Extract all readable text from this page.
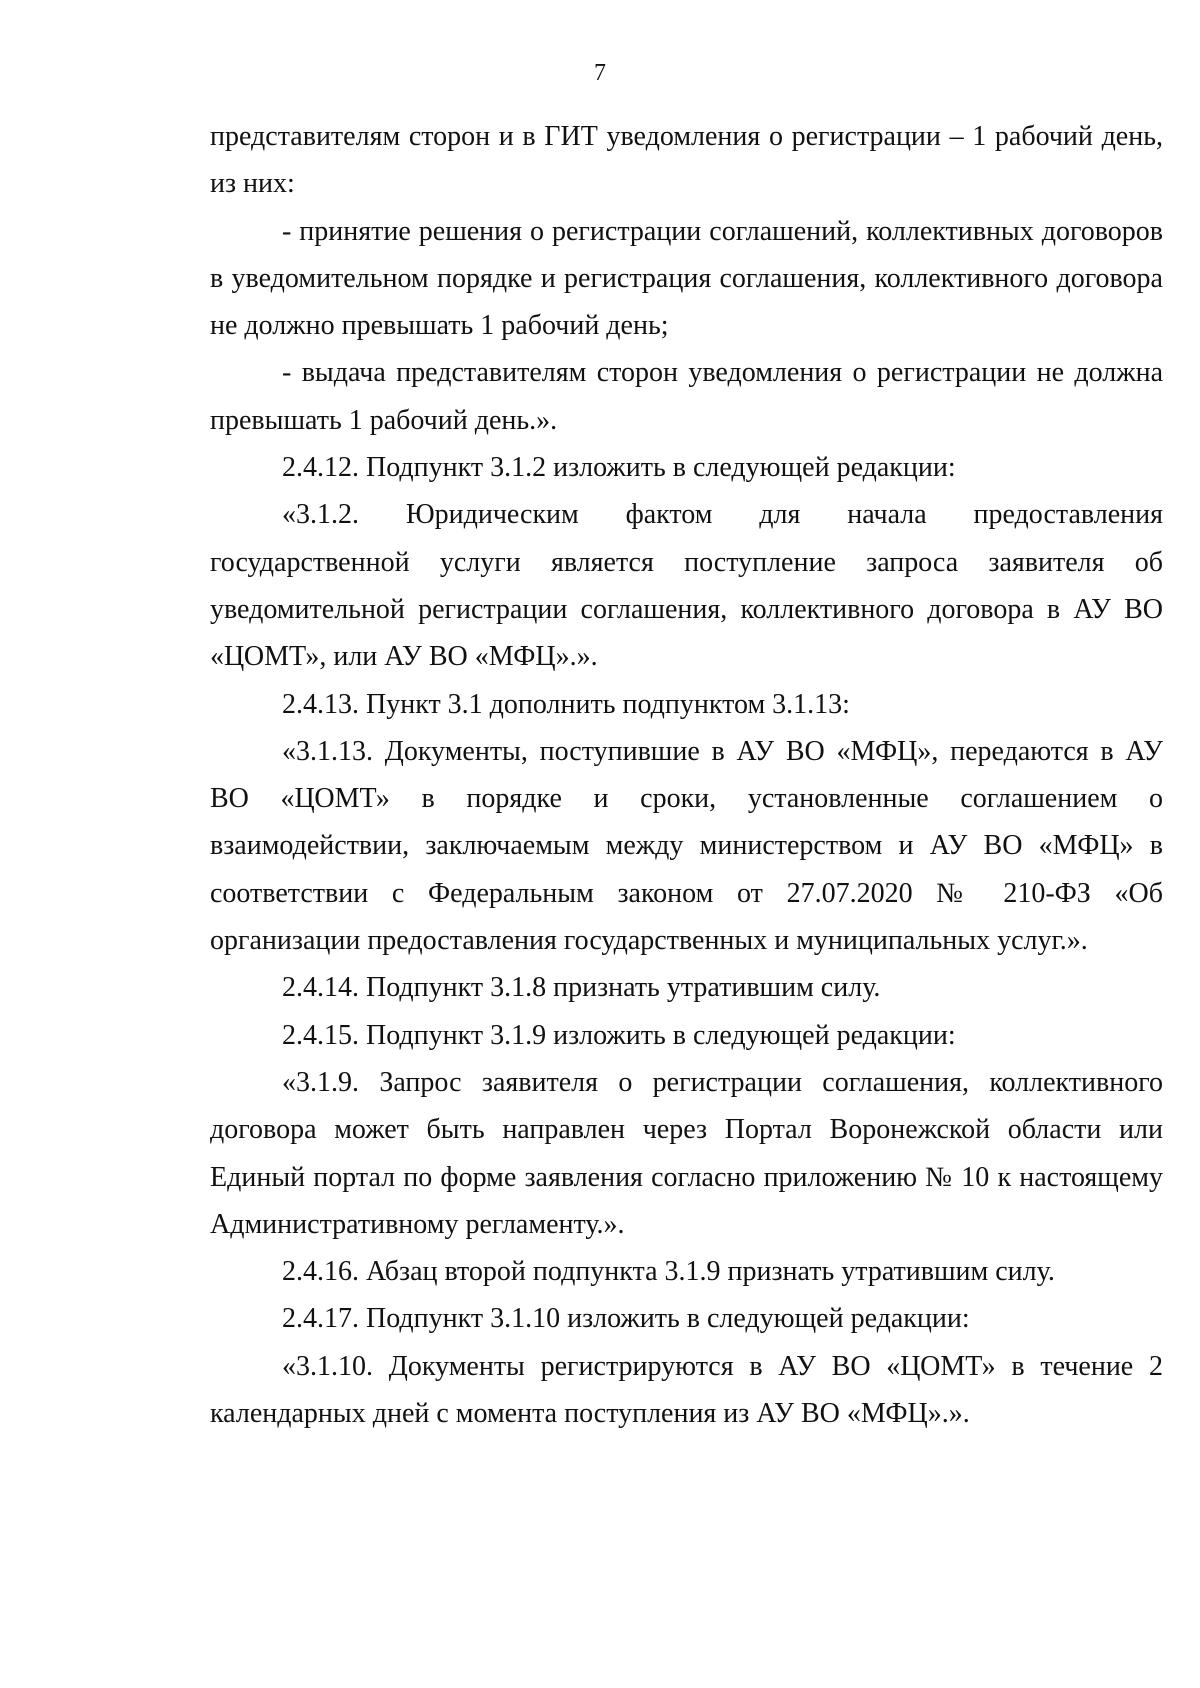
7

представителям сторон и в ГИТ уведомления о регистрации – 1 рабочий день, из них:

- принятие решения о регистрации соглашений, коллективных договоров в уведомительном порядке и регистрация соглашения, коллективного договора не должно превышать 1 рабочий день;

- выдача представителям сторон уведомления о регистрации не должна превышать 1 рабочий день.».

2.4.12. Подпункт 3.1.2 изложить в следующей редакции:

«3.1.2. Юридическим фактом для начала предоставления государственной услуги является поступление запроса заявителя об уведомительной регистрации соглашения, коллективного договора в АУ ВО «ЦОМТ», или АУ ВО «МФЦ».».

2.4.13. Пункт 3.1 дополнить подпунктом 3.1.13:

«3.1.13. Документы, поступившие в АУ ВО «МФЦ», передаются в АУ ВО «ЦОМТ» в порядке и сроки, установленные соглашением о взаимодействии, заключаемым между министерством и АУ ВО «МФЦ» в соответствии с Федеральным законом от 27.07.2020 № 210-ФЗ «Об организации предоставления государственных и муниципальных услуг.».

2.4.14. Подпункт 3.1.8 признать утратившим силу.

2.4.15. Подпункт 3.1.9 изложить в следующей редакции:

«3.1.9. Запрос заявителя о регистрации соглашения, коллективного договора может быть направлен через Портал Воронежской области или Единый портал по форме заявления согласно приложению № 10 к настоящему Административному регламенту.».

2.4.16. Абзац второй подпункта 3.1.9 признать утратившим силу.

2.4.17. Подпункт 3.1.10 изложить в следующей редакции:

«3.1.10. Документы регистрируются в АУ ВО «ЦОМТ» в течение 2 календарных дней с момента поступления из АУ ВО «МФЦ».».
